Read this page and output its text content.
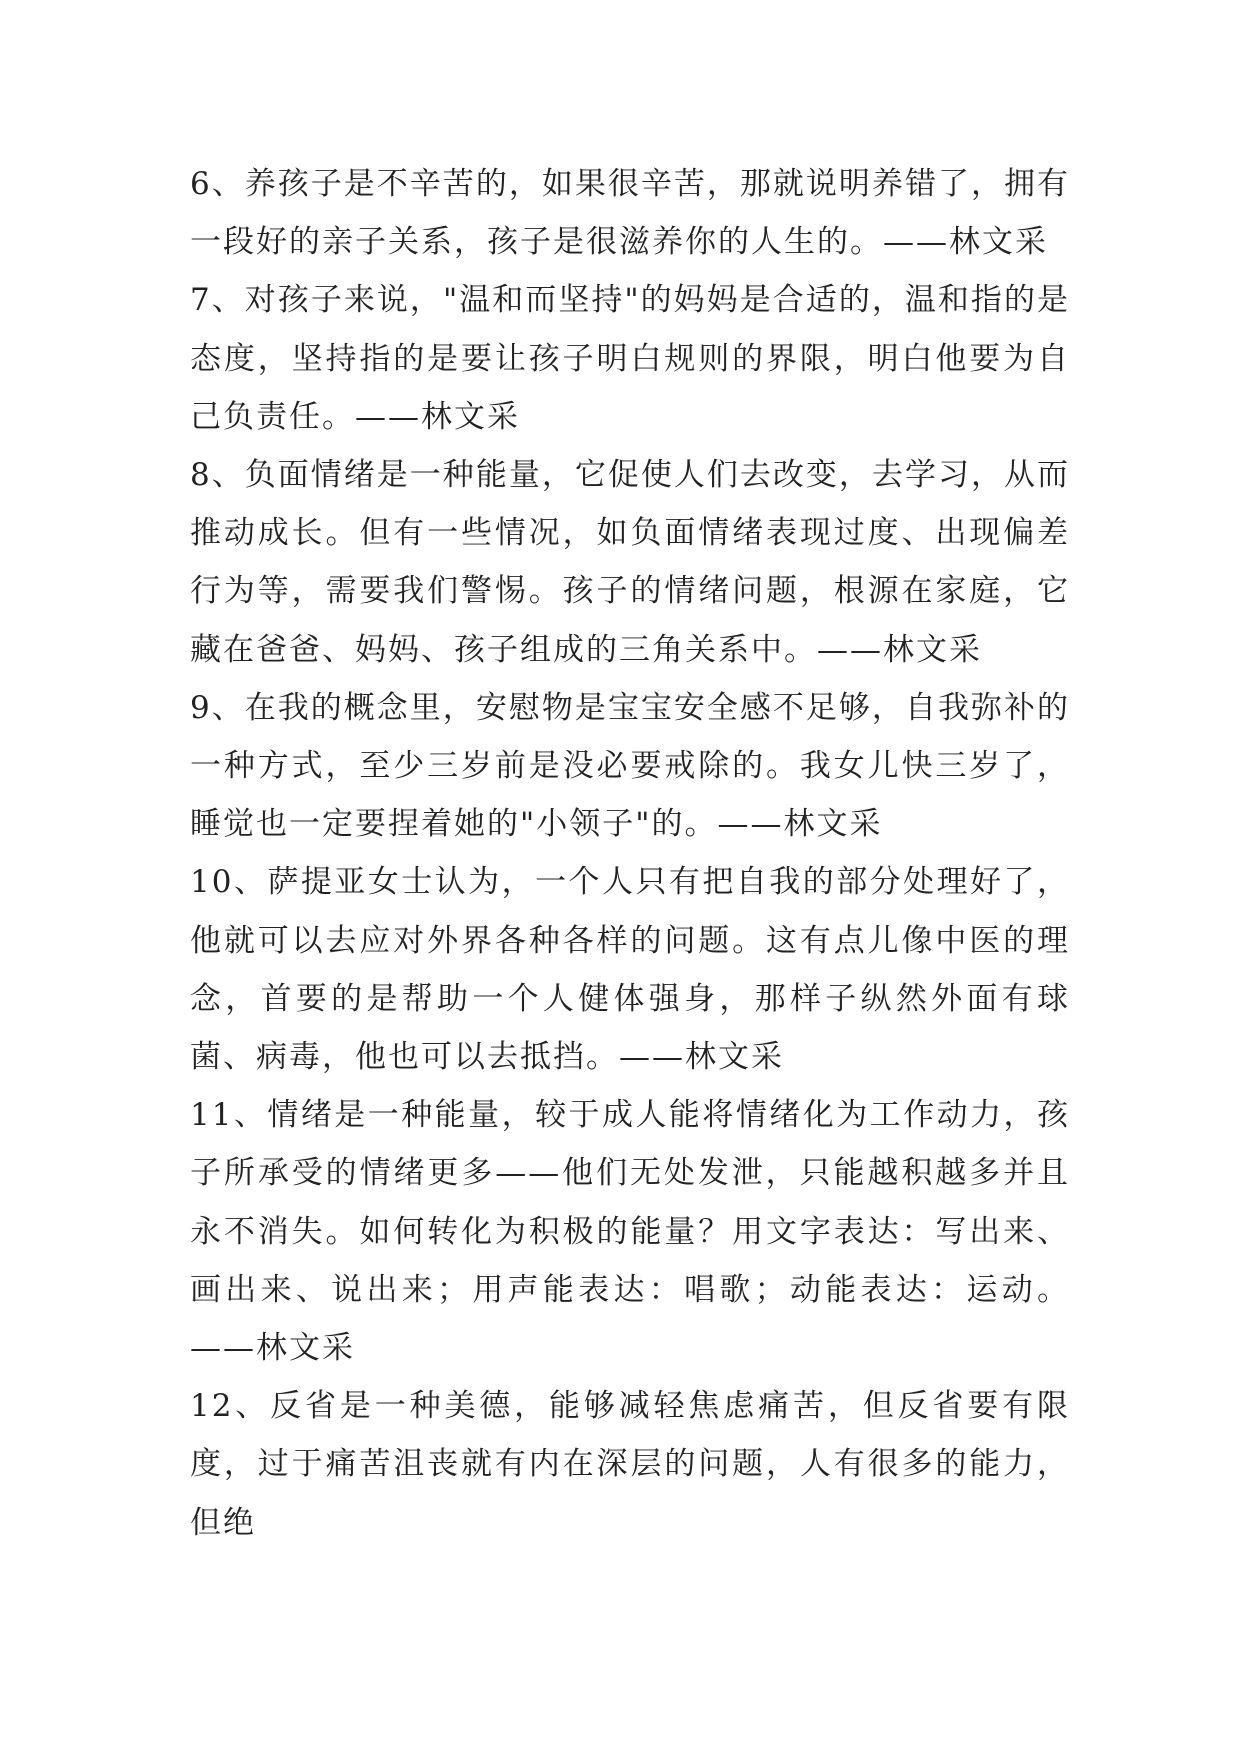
6、养孩子是不辛苦的，如果很辛苦，那就说明养错了，拥有一段好的亲子关系，孩子是很滋养你的人生的。——林文采

7、对孩子来说，"温和而坚持"的妈妈是合适的，温和指的是态度，坚持指的是要让孩子明白规则的界限，明白他要为自己负责任。——林文采

8、负面情绪是一种能量，它促使人们去改变，去学习，从而推动成长。但有一些情况，如负面情绪表现过度、出现偏差行为等，需要我们警惕。孩子的情绪问题，根源在家庭，它藏在爸爸、妈妈、孩子组成的三角关系中。——林文采

9、在我的概念里，安慰物是宝宝安全感不足够，自我弥补的一种方式，至少三岁前是没必要戒除的。我女儿快三岁了，睡觉也一定要捏着她的"小领子"的。——林文采

10、萨提亚女士认为，一个人只有把自我的部分处理好了，他就可以去应对外界各种各样的问题。这有点儿像中医的理念，首要的是帮助一个人健体强身，那样子纵然外面有球菌、病毒，他也可以去抵挡。——林文采

11、情绪是一种能量，较于成人能将情绪化为工作动力，孩子所承受的情绪更多——他们无处发泄，只能越积越多并且永不消失。如何转化为积极的能量？用文字表达：写出来、画出来、说出来；用声能表达：唱歌；动能表达：运动。——林文采

12、反省是一种美德，能够减轻焦虑痛苦，但反省要有限度，过于痛苦沮丧就有内在深层的问题，人有很多的能力，但绝
